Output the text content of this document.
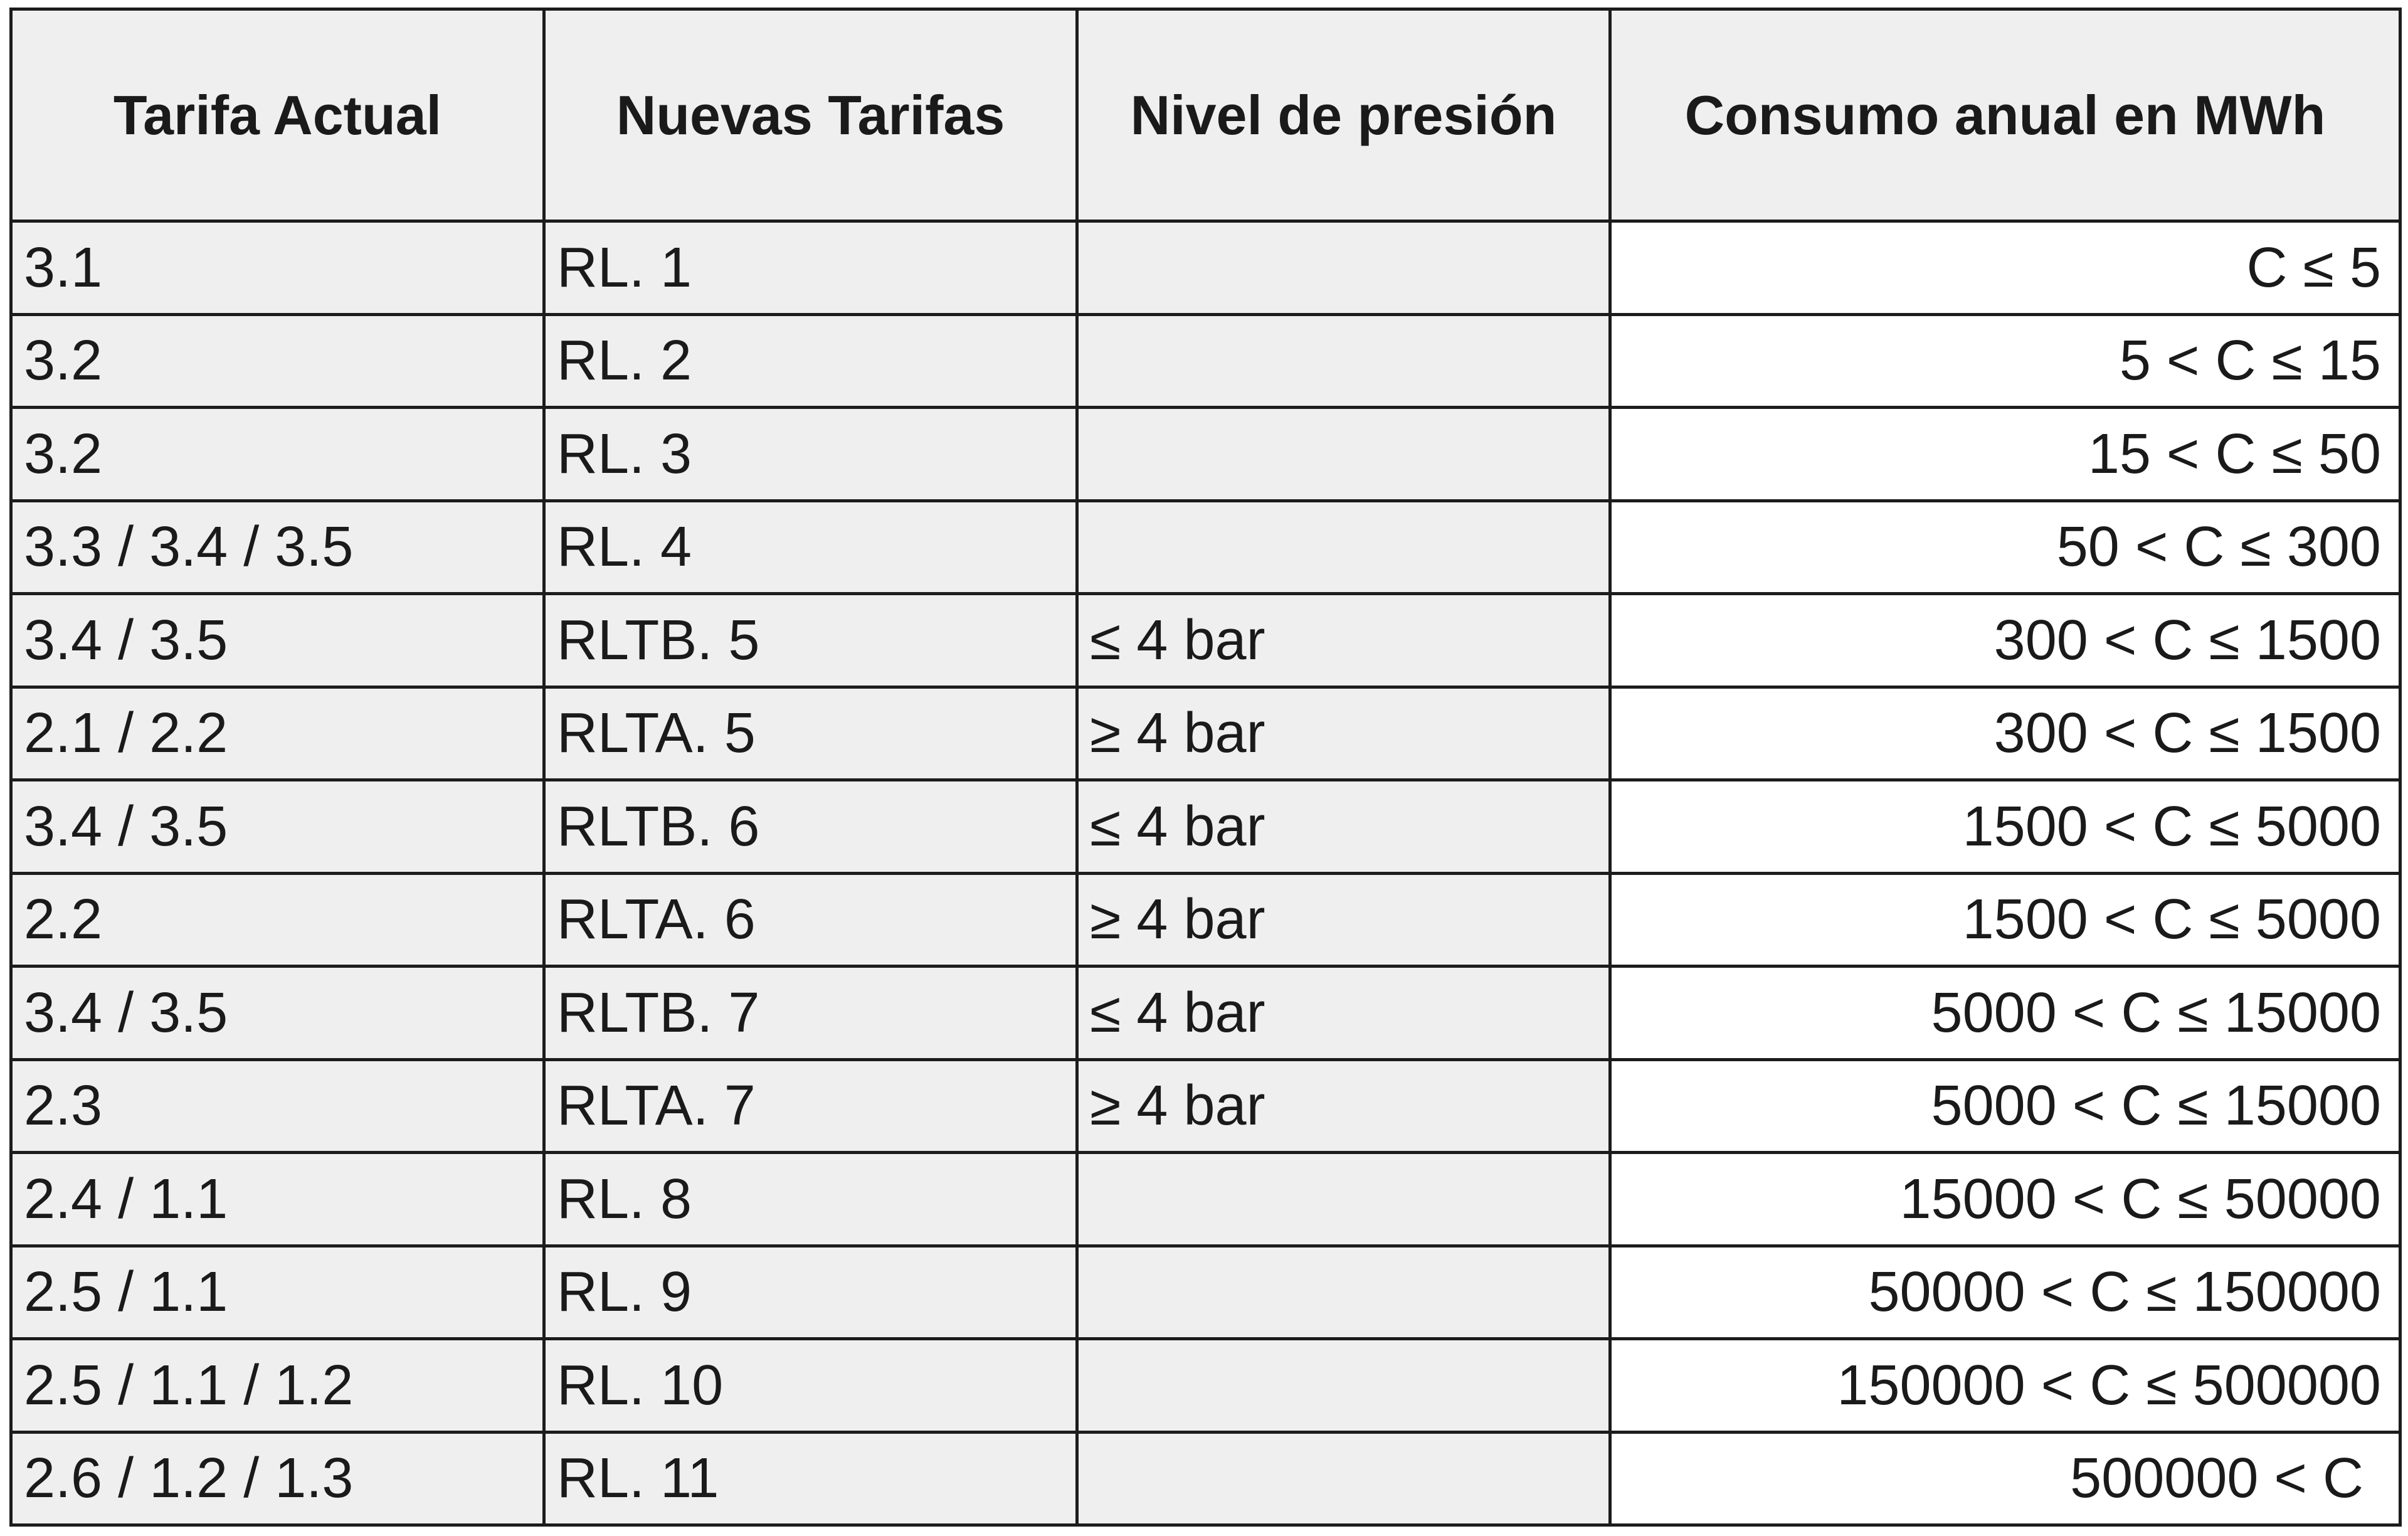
Tarifa Actual	Nuevas Tarifas	Nivel de presión	Consumo anual en MWh
3.1	RL. 1		C ≤ 5
3.2	RL. 2		5 < C ≤ 15
3.2	RL. 3		15 < C ≤ 50
3.3 / 3.4 / 3.5	RL. 4		50 < C ≤ 300
3.4 / 3.5	RLTB. 5	≤ 4 bar	300 < C ≤ 1500
2.1 / 2.2	RLTA. 5	≥ 4 bar	300 < C ≤ 1500
3.4 / 3.5	RLTB. 6	≤ 4 bar	1500 < C ≤ 5000
2.2	RLTA. 6	≥ 4 bar	1500 < C ≤ 5000
3.4 / 3.5	RLTB. 7	≤ 4 bar	5000 < C ≤ 15000
2.3	RLTA. 7	≥ 4 bar	5000 < C ≤ 15000
2.4 / 1.1	RL. 8		15000 < C ≤ 50000
2.5 / 1.1	RL. 9		50000 < C ≤ 150000
2.5 / 1.1 / 1.2	RL. 10		150000 < C ≤ 500000
2.6 / 1.2 / 1.3	RL. 11		500000 < C
